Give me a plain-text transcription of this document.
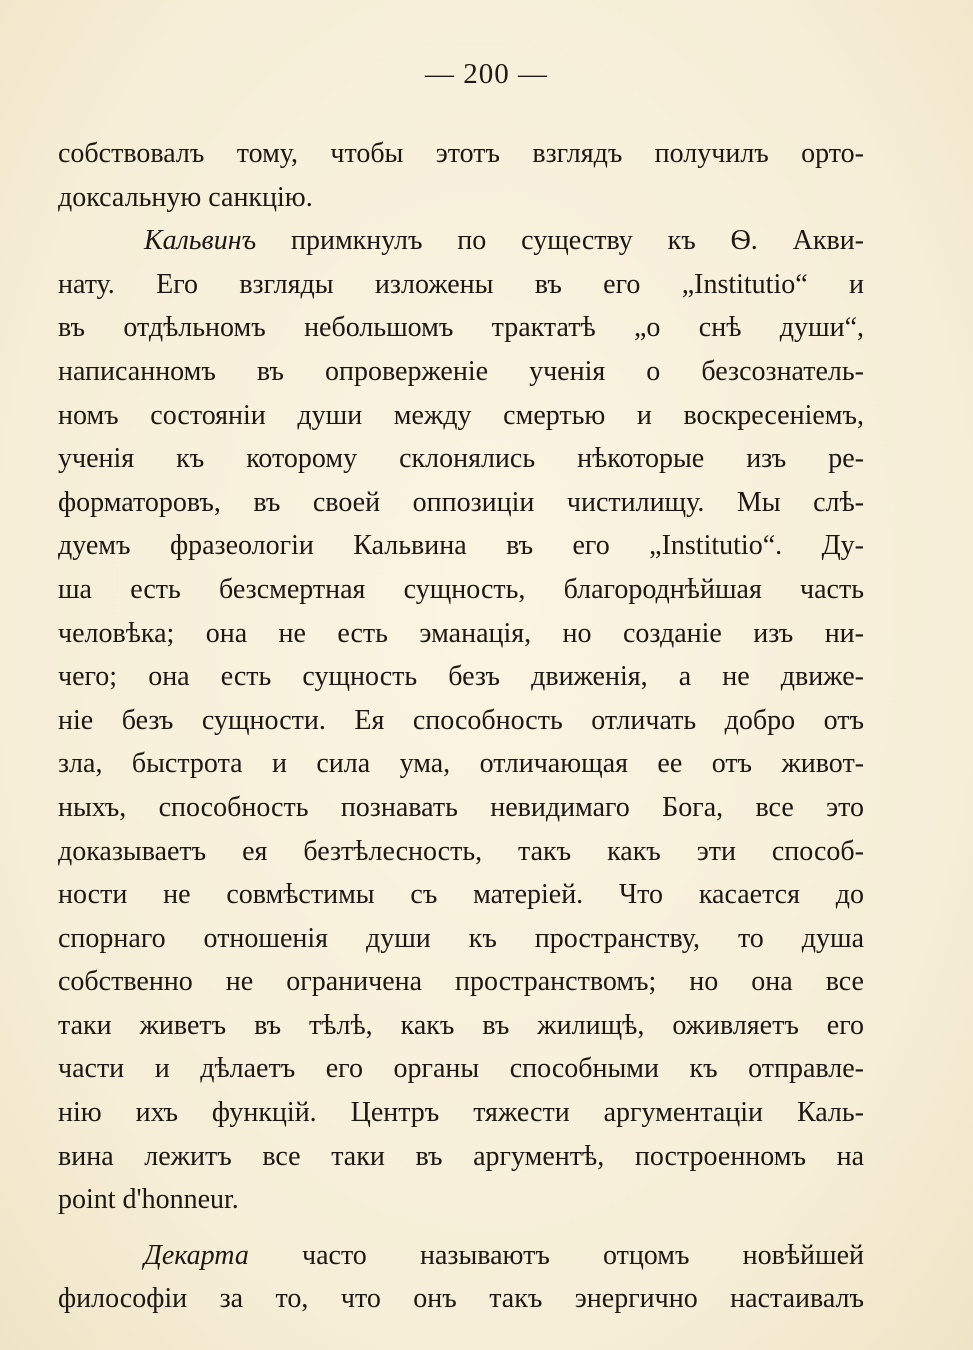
— 200 —
собствовалъ тому, чтобы этотъ взглядъ получилъ орто-
доксальную санкцію.
Кальвинъ примкнулъ по существу къ Ѳ. Акви-
нату. Его взгляды изложены въ его „Institutio“ и
въ отдѣльномъ небольшомъ трактатѣ „о снѣ души“,
написанномъ въ опроверженіе ученія о безсознатель-
номъ состояніи души между смертью и воскресеніемъ,
ученія къ которому склонялись нѣкоторые изъ ре-
форматоровъ, въ своей оппозиціи чистилищу. Мы слѣ-
дуемъ фразеологіи Кальвина въ его „Institutio“. Ду-
ша есть безсмертная сущность, благороднѣйшая часть
человѣка; она не есть эманація, но созданіе изъ ни-
чего; она есть сущность безъ движенія, а не движе-
ніе безъ сущности. Ея способность отличать добро отъ
зла, быстрота и сила ума, отличающая ее отъ живот-
ныхъ, способность познавать невидимаго Бога, все это
доказываетъ ея безтѣлесность, такъ какъ эти способ-
ности не совмѣстимы съ матеріей. Что касается до
спорнаго отношенія души къ пространству, то душа
собственно не ограничена пространствомъ; но она все
таки живетъ въ тѣлѣ, какъ въ жилищѣ, оживляетъ его
части и дѣлаетъ его органы способными къ отправле-
нію ихъ функцій. Центръ тяжести аргументаціи Каль-
вина лежитъ все таки въ аргументѣ, построенномъ на
point d'honneur.
Декарта часто называютъ отцомъ новѣйшей
философіи за то, что онъ такъ энергично настаивалъ
